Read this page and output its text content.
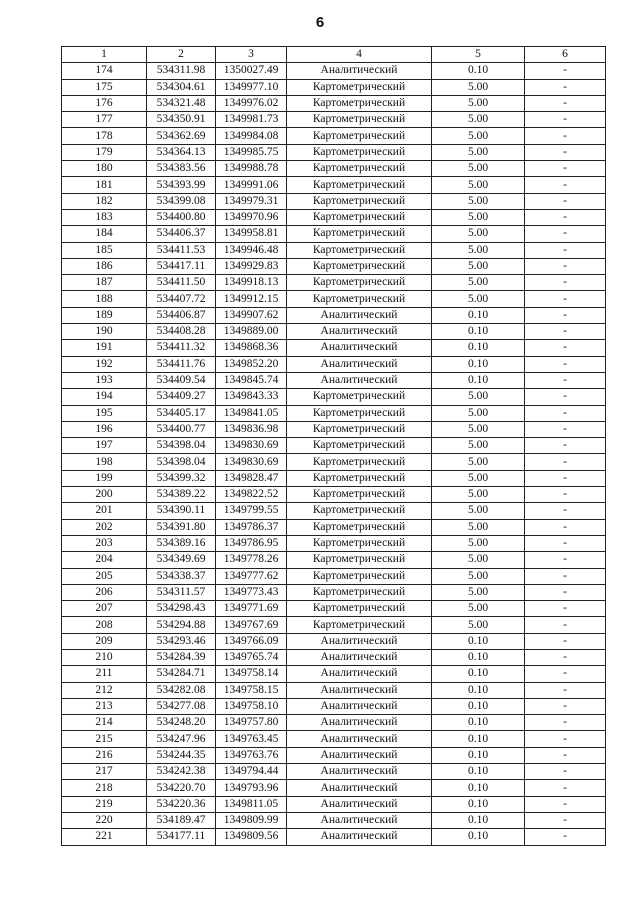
6
1	2	3	4	5	6
174	534311.98	1350027.49	Аналитический	0.10	-
175	534304.61	1349977.10	Картометрический	5.00	-
176	534321.48	1349976.02	Картометрический	5.00	-
177	534350.91	1349981.73	Картометрический	5.00	-
178	534362.69	1349984.08	Картометрический	5.00	-
179	534364.13	1349985.75	Картометрический	5.00	-
180	534383.56	1349988.78	Картометрический	5.00	-
181	534393.99	1349991.06	Картометрический	5.00	-
182	534399.08	1349979.31	Картометрический	5.00	-
183	534400.80	1349970.96	Картометрический	5.00	-
184	534406.37	1349958.81	Картометрический	5.00	-
185	534411.53	1349946.48	Картометрический	5.00	-
186	534417.11	1349929.83	Картометрический	5.00	-
187	534411.50	1349918.13	Картометрический	5.00	-
188	534407.72	1349912.15	Картометрический	5.00	-
189	534406.87	1349907.62	Аналитический	0.10	-
190	534408.28	1349889.00	Аналитический	0.10	-
191	534411.32	1349868.36	Аналитический	0.10	-
192	534411.76	1349852.20	Аналитический	0.10	-
193	534409.54	1349845.74	Аналитический	0.10	-
194	534409.27	1349843.33	Картометрический	5.00	-
195	534405.17	1349841.05	Картометрический	5.00	-
196	534400.77	1349836.98	Картометрический	5.00	-
197	534398.04	1349830.69	Картометрический	5.00	-
198	534398.04	1349830.69	Картометрический	5.00	-
199	534399.32	1349828.47	Картометрический	5.00	-
200	534389.22	1349822.52	Картометрический	5.00	-
201	534390.11	1349799.55	Картометрический	5.00	-
202	534391.80	1349786.37	Картометрический	5.00	-
203	534389.16	1349786.95	Картометрический	5.00	-
204	534349.69	1349778.26	Картометрический	5.00	-
205	534338.37	1349777.62	Картометрический	5.00	-
206	534311.57	1349773.43	Картометрический	5.00	-
207	534298.43	1349771.69	Картометрический	5.00	-
208	534294.88	1349767.69	Картометрический	5.00	-
209	534293.46	1349766.09	Аналитический	0.10	-
210	534284.39	1349765.74	Аналитический	0.10	-
211	534284.71	1349758.14	Аналитический	0.10	-
212	534282.08	1349758.15	Аналитический	0.10	-
213	534277.08	1349758.10	Аналитический	0.10	-
214	534248.20	1349757.80	Аналитический	0.10	-
215	534247.96	1349763.45	Аналитический	0.10	-
216	534244.35	1349763.76	Аналитический	0.10	-
217	534242.38	1349794.44	Аналитический	0.10	-
218	534220.70	1349793.96	Аналитический	0.10	-
219	534220.36	1349811.05	Аналитический	0.10	-
220	534189.47	1349809.99	Аналитический	0.10	-
221	534177.11	1349809.56	Аналитический	0.10	-
